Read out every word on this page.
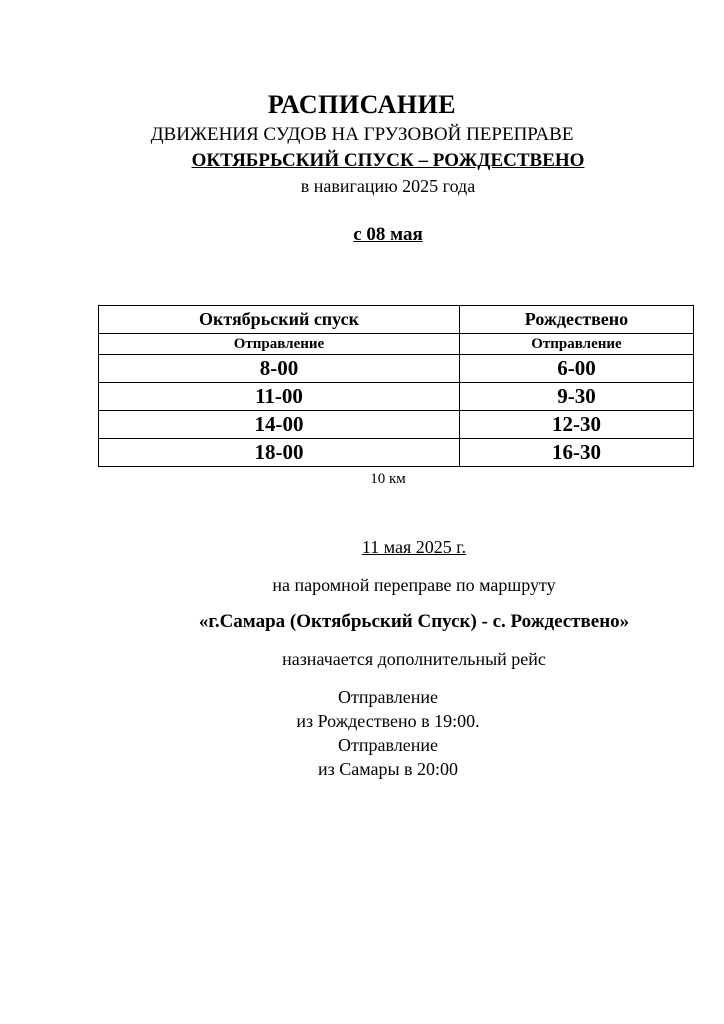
РАСПИСАНИЕ
ДВИЖЕНИЯ СУДОВ НА ГРУЗОВОЙ ПЕРЕПРАВЕ
ОКТЯБРЬСКИЙ СПУСК – РОЖДЕСТВЕНО
в навигацию 2025 года
с 08 мая
Октябрьский спуск	Рождествено
Отправление	Отправление
8-00	6-00
11-00	9-30
14-00	12-30
18-00	16-30
10 км
11 мая 2025 г.
на паромной переправе по маршруту
«г.Самара (Октябрьский Спуск) - с. Рождествено»
назначается дополнительный рейс
Отправление
из Рождествено в 19:00.
Отправление
из Самары в 20:00
